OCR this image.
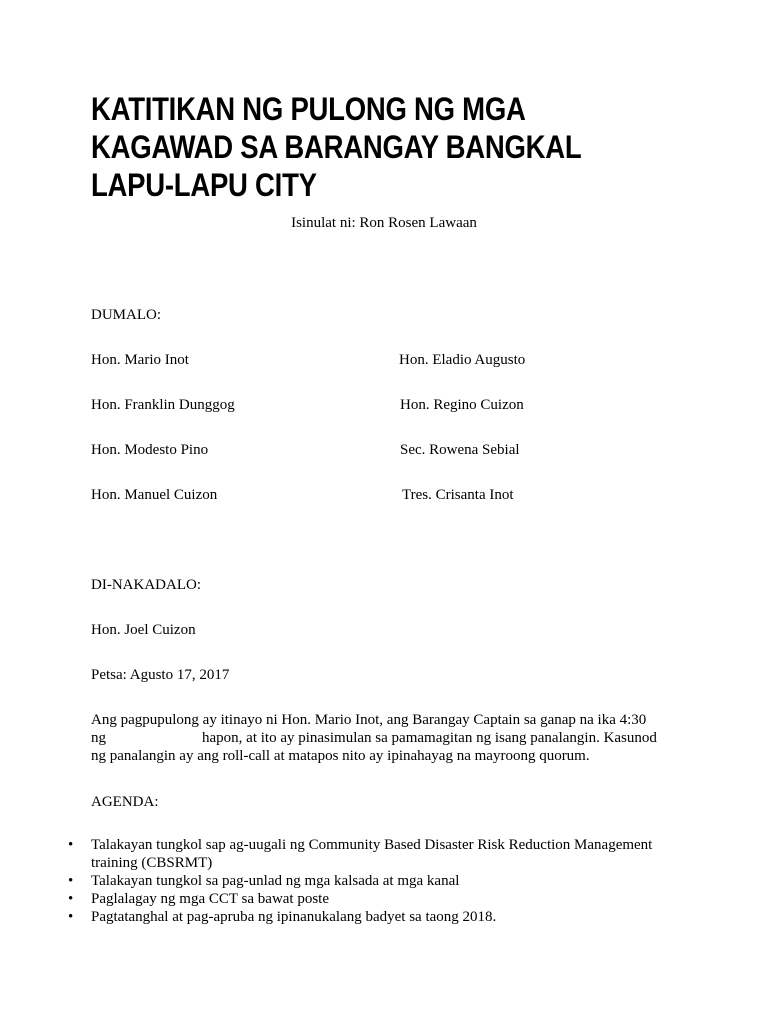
KATITIKAN NG PULONG NG MGA
KAGAWAD SA BARANGAY BANGKAL
LAPU-LAPU CITY
Isinulat ni: Ron Rosen Lawaan
DUMALO:
Hon. Mario Inot
Hon. Franklin Dunggog
Hon. Modesto Pino
Hon. Manuel Cuizon
Hon. Eladio Augusto
Hon. Regino Cuizon
Sec. Rowena Sebial
Tres. Crisanta Inot
DI-NAKADALO:
Hon. Joel Cuizon
Petsa: Agusto 17, 2017
Ang pagpupulong ay itinayo ni Hon. Mario Inot, ang Barangay Captain sa ganap na ika 4:30
ng	hapon, at ito ay pinasimulan sa pamamagitan ng isang panalangin. Kasunod
ng panalangin ay ang roll-call at matapos nito ay ipinahayag na mayroong quorum.
AGENDA:
• Talakayan tungkol sap ag-uugali ng Community Based Disaster Risk Reduction Management
training (CBSRMT)
• Talakayan tungkol sa pag-unlad ng mga kalsada at mga kanal
• Paglalagay ng mga CCT sa bawat poste
• Pagtatanghal at pag-apruba ng ipinanukalang badyet sa taong 2018.
